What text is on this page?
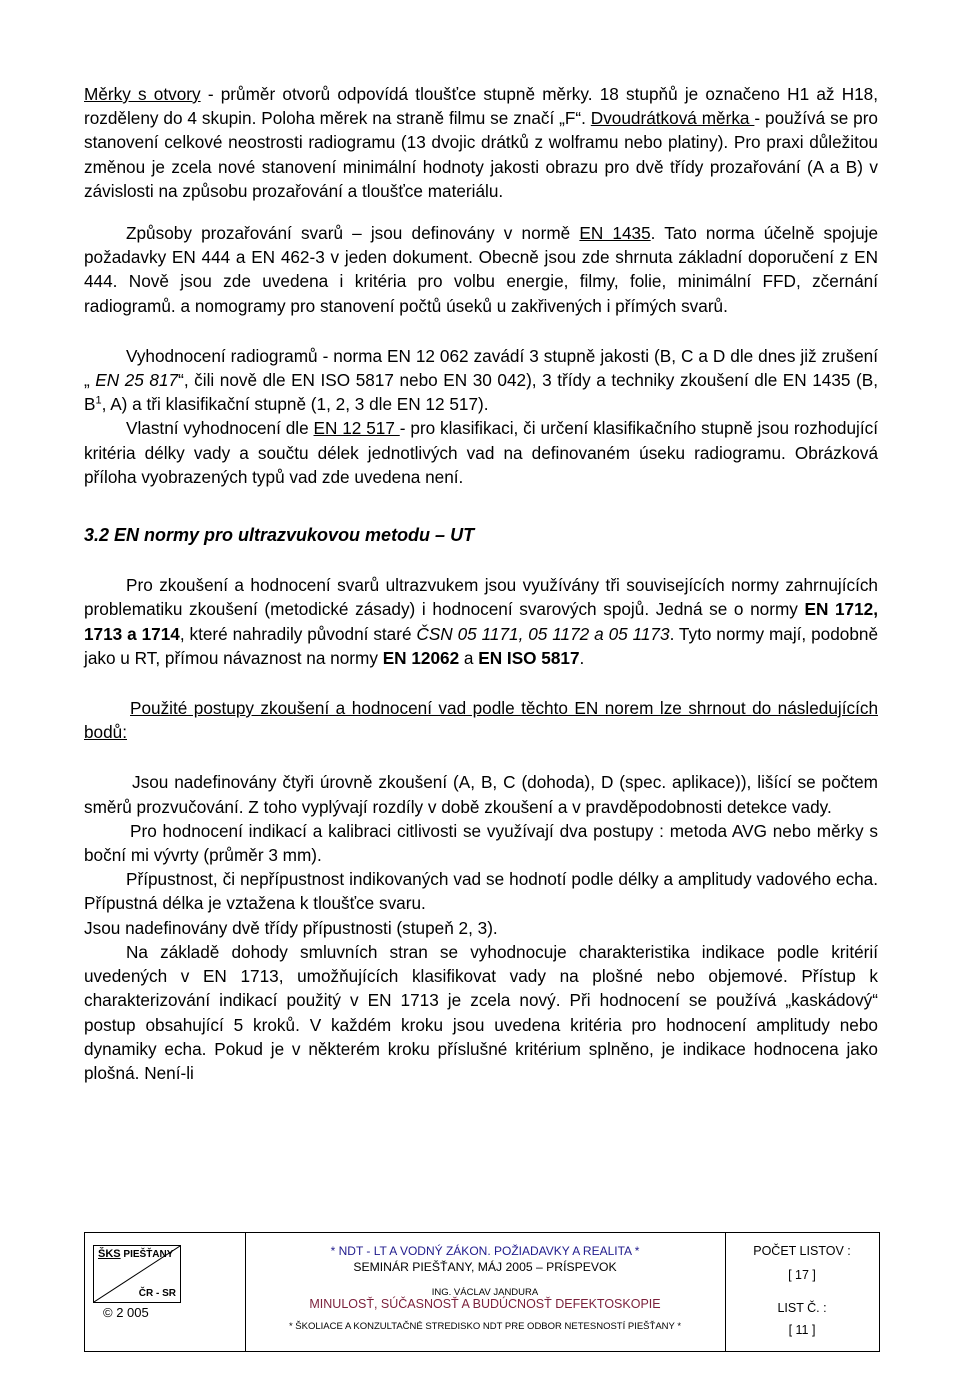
Měrky s otvory - průměr otvorů odpovídá tloušťce stupně měrky. 18 stupňů je označeno H1 až H18, rozděleny do 4 skupin. Poloha měrek na straně filmu se značí „F“. Dvoudrátková měrka - používá se pro stanovení celkové neostrosti radiogramu (13 dvojic drátků z wolframu nebo platiny). Pro praxi důležitou změnou je zcela nové stanovení minimální hodnoty jakosti obrazu pro dvě třídy prozařování (A a B) v závislosti na způsobu prozařování a tloušťce materiálu.

Způsoby prozařování svarů – jsou definovány v normě EN 1435. Tato norma účelně spojuje požadavky EN 444 a EN 462-3 v jeden dokument. Obecně jsou zde shrnuta základní doporučení z EN 444. Nově jsou zde uvedena i kritéria pro volbu energie, filmy, folie, minimální FFD, zčernání radiogramů. a nomogramy pro stanovení počtů úseků u zakřivených i přímých svarů.

Vyhodnocení radiogramů - norma EN 12 062 zavádí 3 stupně jakosti (B, C a D dle dnes již zrušení „ EN 25 817“, čili nově dle EN ISO 5817 nebo EN 30 042), 3 třídy a techniky zkoušení dle EN 1435 (B, $B^1$, A) a tři klasifikační stupně (1, 2, 3 dle EN 12 517).

Vlastní vyhodnocení dle EN 12 517 - pro klasifikaci, či určení klasifikačního stupně jsou rozhodující kritéria délky vady a součtu délek jednotlivých vad na definovaném úseku radiogramu. Obrázková příloha vyobrazených typů vad zde uvedena není.

3.2 EN normy pro ultrazvukovou metodu – UT

Pro zkoušení a hodnocení svarů ultrazvukem jsou využívány tři souvisejících normy zahrnujících problematiku zkoušení (metodické zásady) i hodnocení svarových spojů. Jedná se o normy EN 1712, 1713 a 1714, které nahradily původní staré ČSN 05 1171, 05 1172 a 05 1173. Tyto normy mají, podobně jako u RT, přímou návaznost na normy EN 12062 a EN ISO 5817.

Použité postupy zkoušení a hodnocení vad podle těchto EN norem lze shrnout do následujících bodů:

Jsou nadefinovány čtyři úrovně zkoušení (A, B, C (dohoda), D (spec. aplikace)), lišící se počtem směrů prozvučování. Z toho vyplývají rozdíly v době zkoušení a v pravděpodobnosti detekce vady.

Pro hodnocení indikací a kalibraci citlivosti se využívají dva postupy : metoda AVG nebo měrky s boční mi vývrty (průměr 3 mm).

Přípustnost, či nepřípustnost indikovaných vad se hodnotí podle délky a amplitudy vadového echa. Přípustná délka je vztažena k tloušťce svaru.

Jsou nadefinovány dvě třídy přípustnosti (stupeň 2, 3).

Na základě dohody smluvních stran se vyhodnocuje charakteristika indikace podle kritérií uvedených v EN 1713, umožňujících klasifikovat vady na plošné nebo objemové. Přístup k charakterizování indikací použitý v EN 1713 je zcela nový. Při hodnocení se používá „kaskádový“ postup obsahující 5 kroků. V každém kroku jsou uvedena kritéria pro hodnocení amplitudy nebo dynamiky echa. Pokud je v některém kroku příslušné kritérium splněno, je indikace hodnocena jako plošná. Není-li

ŠKS PIEŠŤANY
ČR - SR
© 2 005
* NDT - LT A VODNÝ ZÁKON. POŽIADAVKY A REALITA *
SEMINÁR PIEŠŤANY, MÁJ 2005 – PRÍSPEVOK
ING. VÁCLAV JANDURA
MINULOSŤ, SÚČASNOSŤ A BUDÚCNOSŤ DEFEKTOSKOPIE
* ŠKOLIACE A KONZULTAČNÉ STREDISKO NDT PRE ODBOR NETESNOSTÍ PIEŠŤANY *
POČET LISTOV :
[ 17 ]
LIST Č. :
[ 11 ]
